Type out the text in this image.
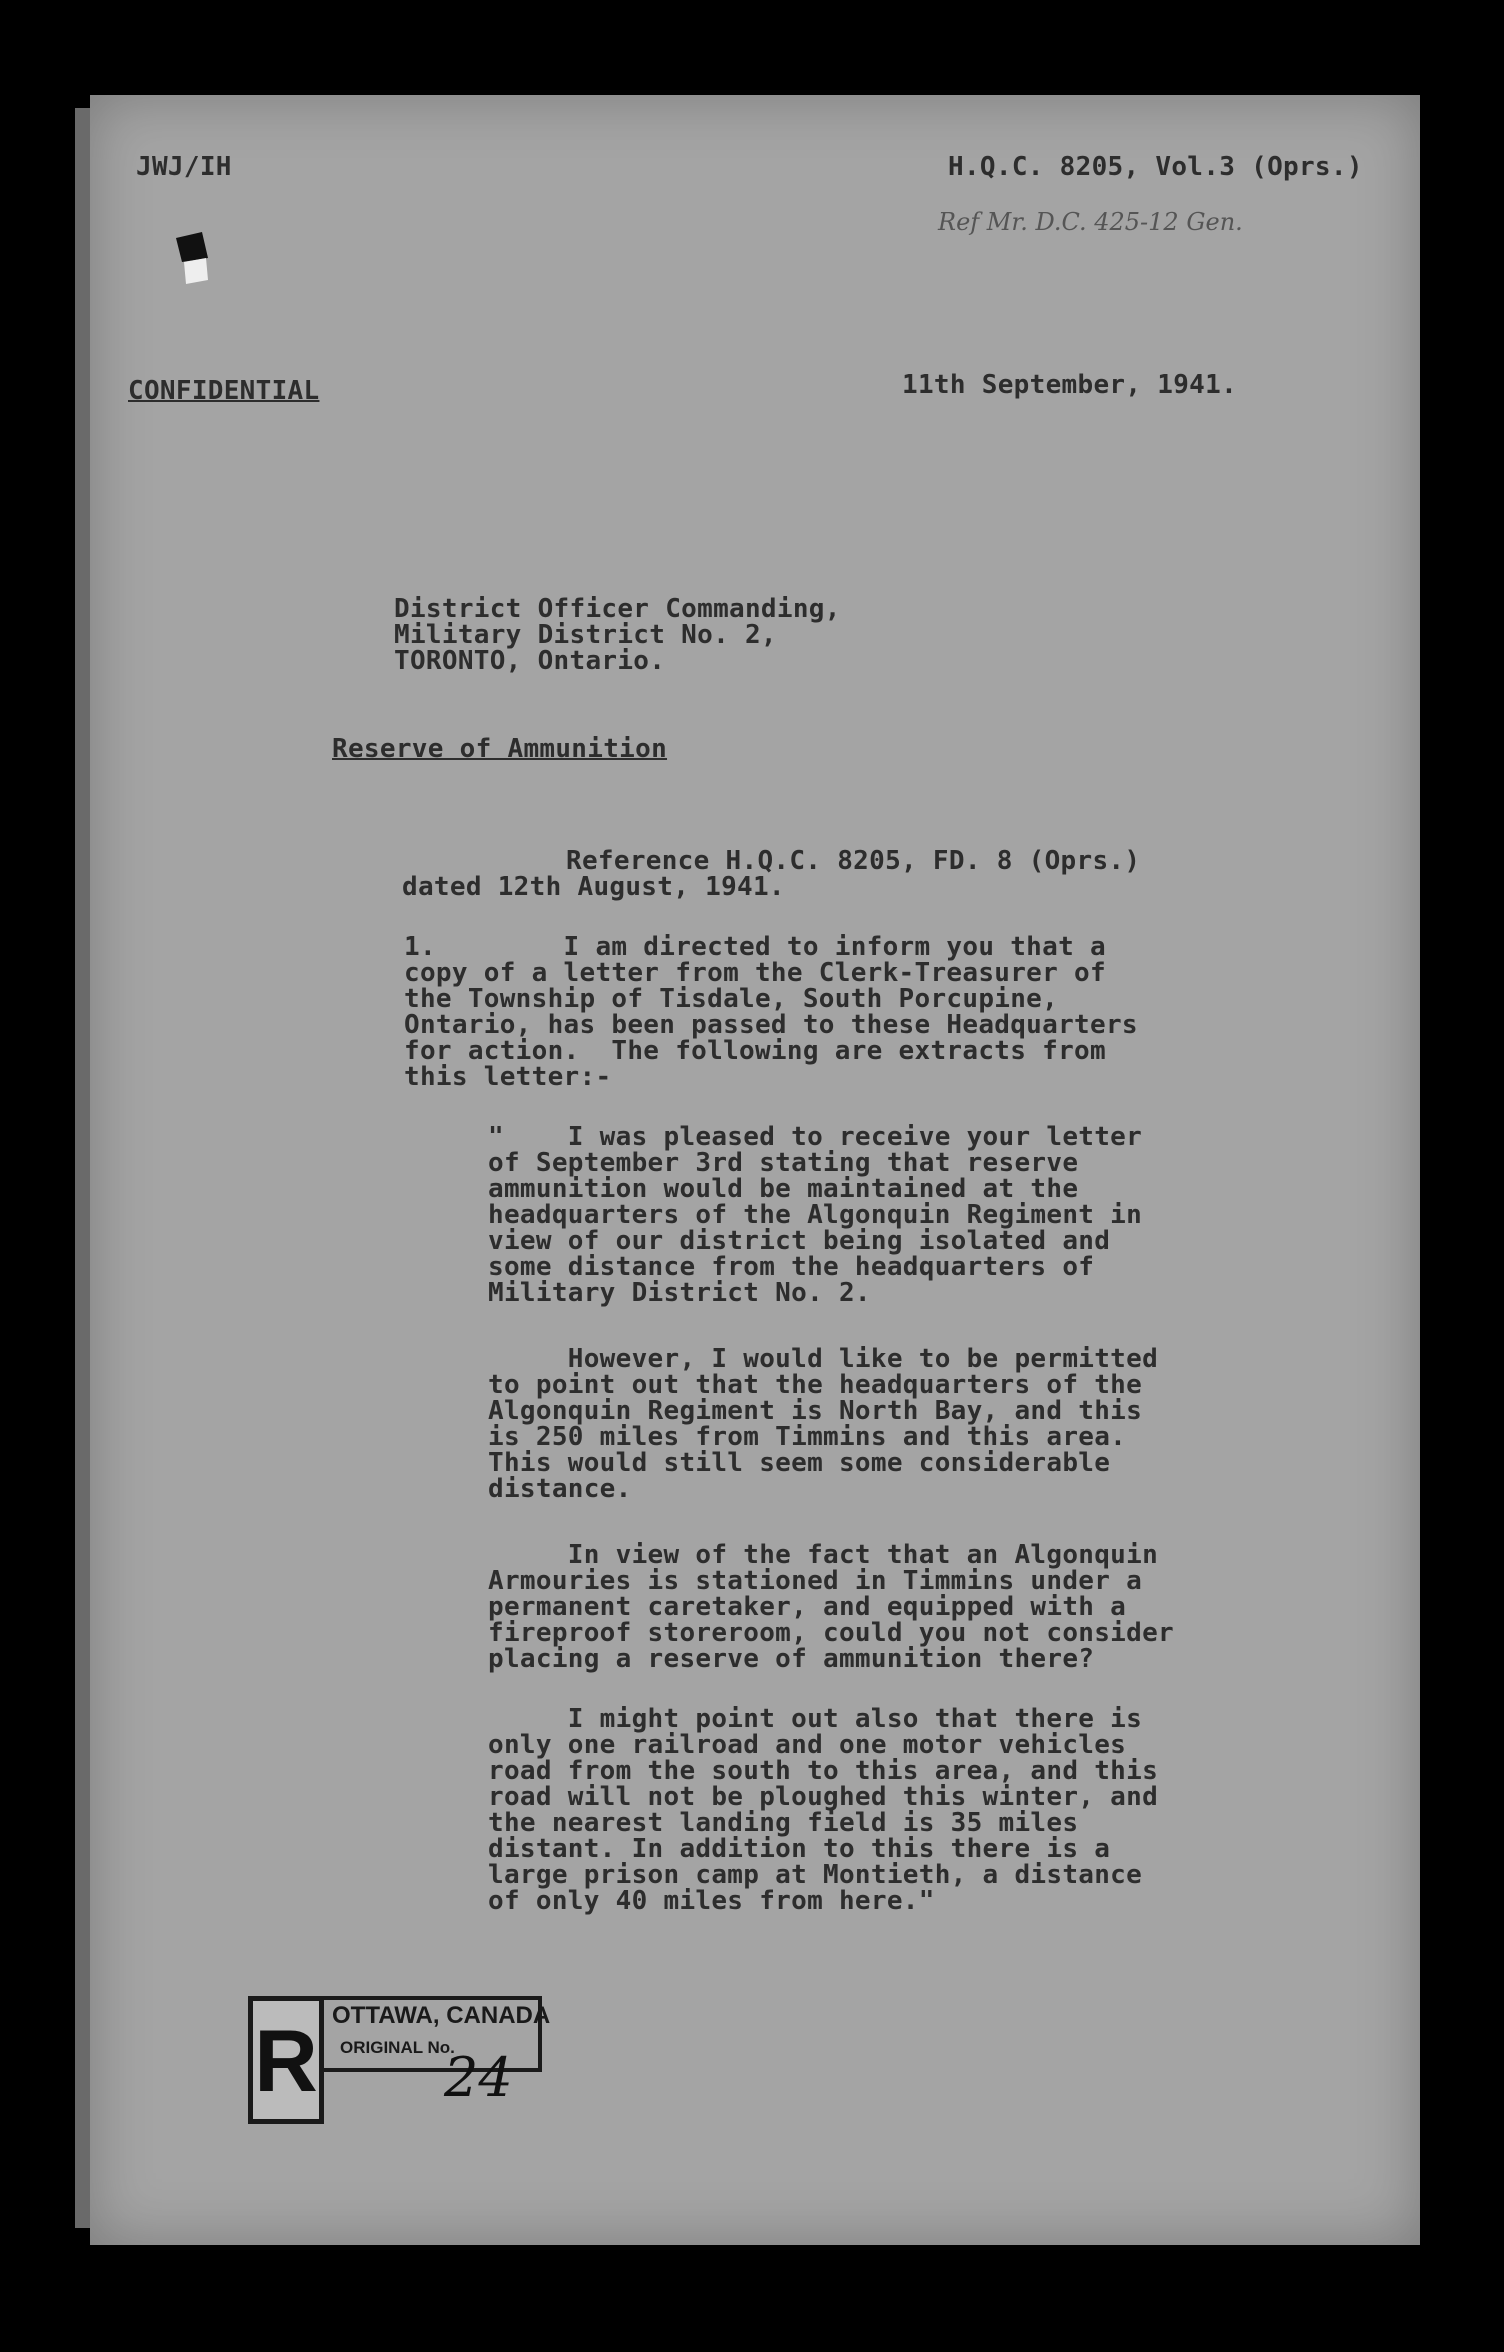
JWJ/IH	H.Q.C. 8205, Vol.3 (Oprs.)
Ref Mr. D.C. 425-12 Gen.
CONFIDENTIAL	11th September, 1941.
District Officer Commanding,
Military District No. 2,
TORONTO, Ontario.
Reserve of Ammunition
Reference H.Q.C. 8205, FD. 8 (Oprs.)
dated 12th August, 1941.
1.        I am directed to inform you that a
copy of a letter from the Clerk-Treasurer of
the Township of Tisdale, South Porcupine,
Ontario, has been passed to these Headquarters
for action.  The following are extracts from
this letter:-
"    I was pleased to receive your letter
of September 3rd stating that reserve
ammunition would be maintained at the
headquarters of the Algonquin Regiment in
view of our district being isolated and
some distance from the headquarters of
Military District No. 2.
However, I would like to be permitted
to point out that the headquarters of the
Algonquin Regiment is North Bay, and this
is 250 miles from Timmins and this area.
This would still seem some considerable
distance.
In view of the fact that an Algonquin
Armouries is stationed in Timmins under a
permanent caretaker, and equipped with a
fireproof storeroom, could you not consider
placing a reserve of ammunition there?
I might point out also that there is
only one railroad and one motor vehicles
road from the south to this area, and this
road will not be ploughed this winter, and
the nearest landing field is 35 miles
distant. In addition to this there is a
large prison camp at Montieth, a distance
of only 40 miles from here."
R OTTAWA, CANADA
ORIGINAL No.
24
